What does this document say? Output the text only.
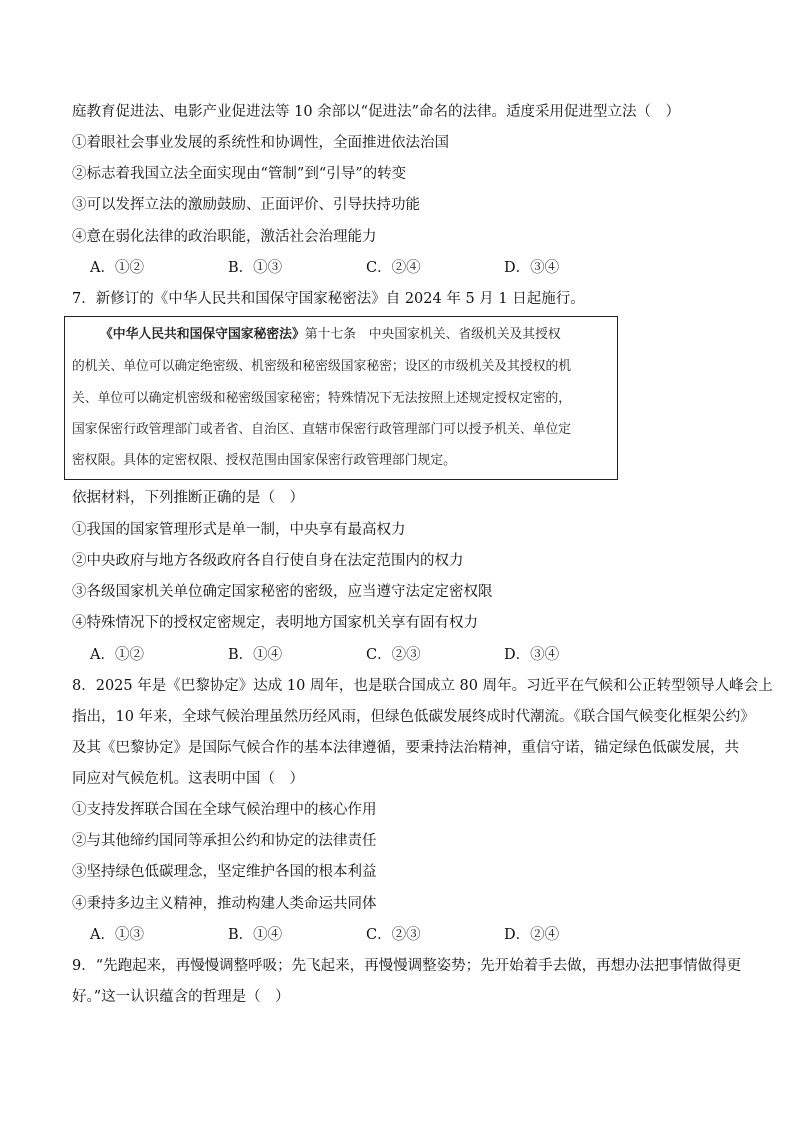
庭教育促进法、电影产业促进法等 10 余部以“促进法”命名的法律。适度采用促进型立法（　）
①着眼社会事业发展的系统性和协调性，全面推进依法治国
②标志着我国立法全面实现由“管制”到“引导”的转变
③可以发挥立法的激励鼓励、正面评价、引导扶持功能
④意在弱化法律的政治职能，激活社会治理能力
A．①②	B．①③	C．②④	D．③④
7．新修订的《中华人民共和国保守国家秘密法》自 2024 年 5 月 1 日起施行。
《中华人民共和国保守国家秘密法》第十七条　中央国家机关、省级机关及其授权
的机关、单位可以确定绝密级、机密级和秘密级国家秘密；设区的市级机关及其授权的机
关、单位可以确定机密级和秘密级国家秘密；特殊情况下无法按照上述规定授权定密的，
国家保密行政管理部门或者省、自治区、直辖市保密行政管理部门可以授予机关、单位定
密权限。具体的定密权限、授权范围由国家保密行政管理部门规定。
依据材料，下列推断正确的是（　）
①我国的国家管理形式是单一制，中央享有最高权力
②中央政府与地方各级政府各自行使自身在法定范围内的权力
③各级国家机关单位确定国家秘密的密级，应当遵守法定定密权限
④特殊情况下的授权定密规定，表明地方国家机关享有固有权力
A．①②	B．①④	C．②③	D．③④
8．2025 年是《巴黎协定》达成 10 周年，也是联合国成立 80 周年。习近平在气候和公正转型领导人峰会上
指出，10 年来，全球气候治理虽然历经风雨，但绿色低碳发展终成时代潮流。《联合国气候变化框架公约》
及其《巴黎协定》是国际气候合作的基本法律遵循，要秉持法治精神，重信守诺，锚定绿色低碳发展，共
同应对气候危机。这表明中国（　）
①支持发挥联合国在全球气候治理中的核心作用
②与其他缔约国同等承担公约和协定的法律责任
③坚持绿色低碳理念，坚定维护各国的根本利益
④秉持多边主义精神，推动构建人类命运共同体
A．①③	B．①④	C．②③	D．②④
9．“先跑起来，再慢慢调整呼吸；先飞起来，再慢慢调整姿势；先开始着手去做，再想办法把事情做得更
好。”这一认识蕴含的哲理是（　）
